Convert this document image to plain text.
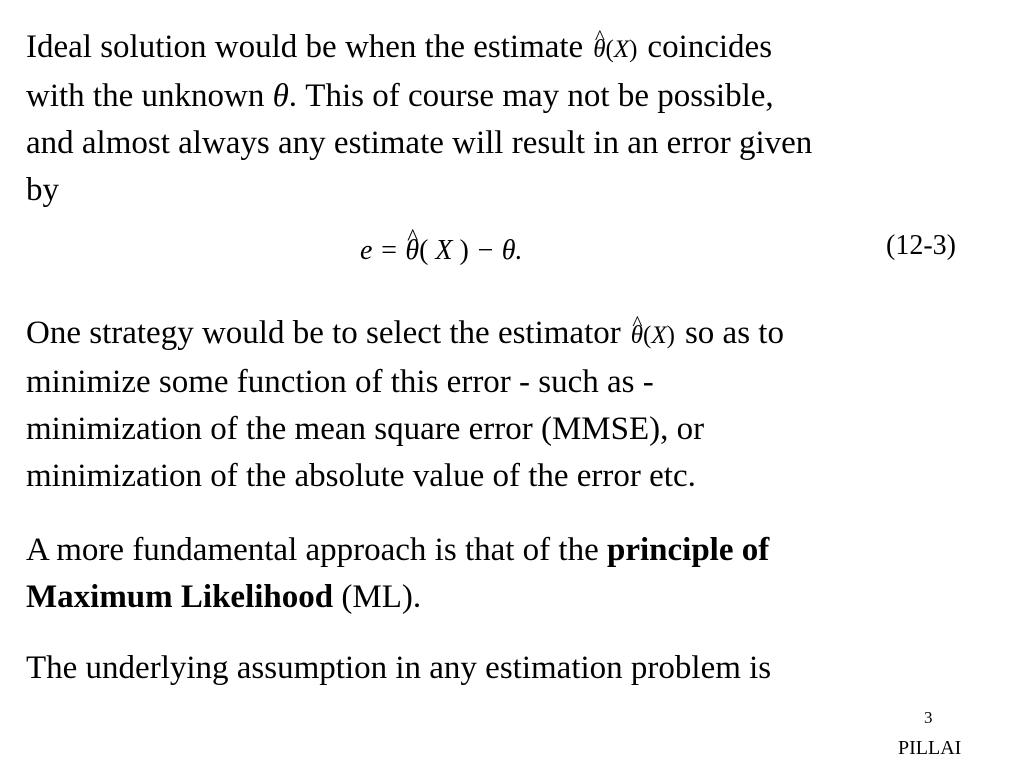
Ideal solution would be when the estimate ^ θ(X) coincides
with the unknown θ. This of course may not be possible,
and almost always any estimate will result in an error given
by
e = ^ θ( X ) − θ.	(12-3)
One strategy would be to select the estimator ^ θ(X) so as to
minimize some function of this error - such as -
minimization of the mean square error (MMSE), or
minimization of the absolute value of the error etc.
A more fundamental approach is that of the principle of
Maximum Likelihood (ML).
The underlying assumption in any estimation problem is
3
PILLAI
